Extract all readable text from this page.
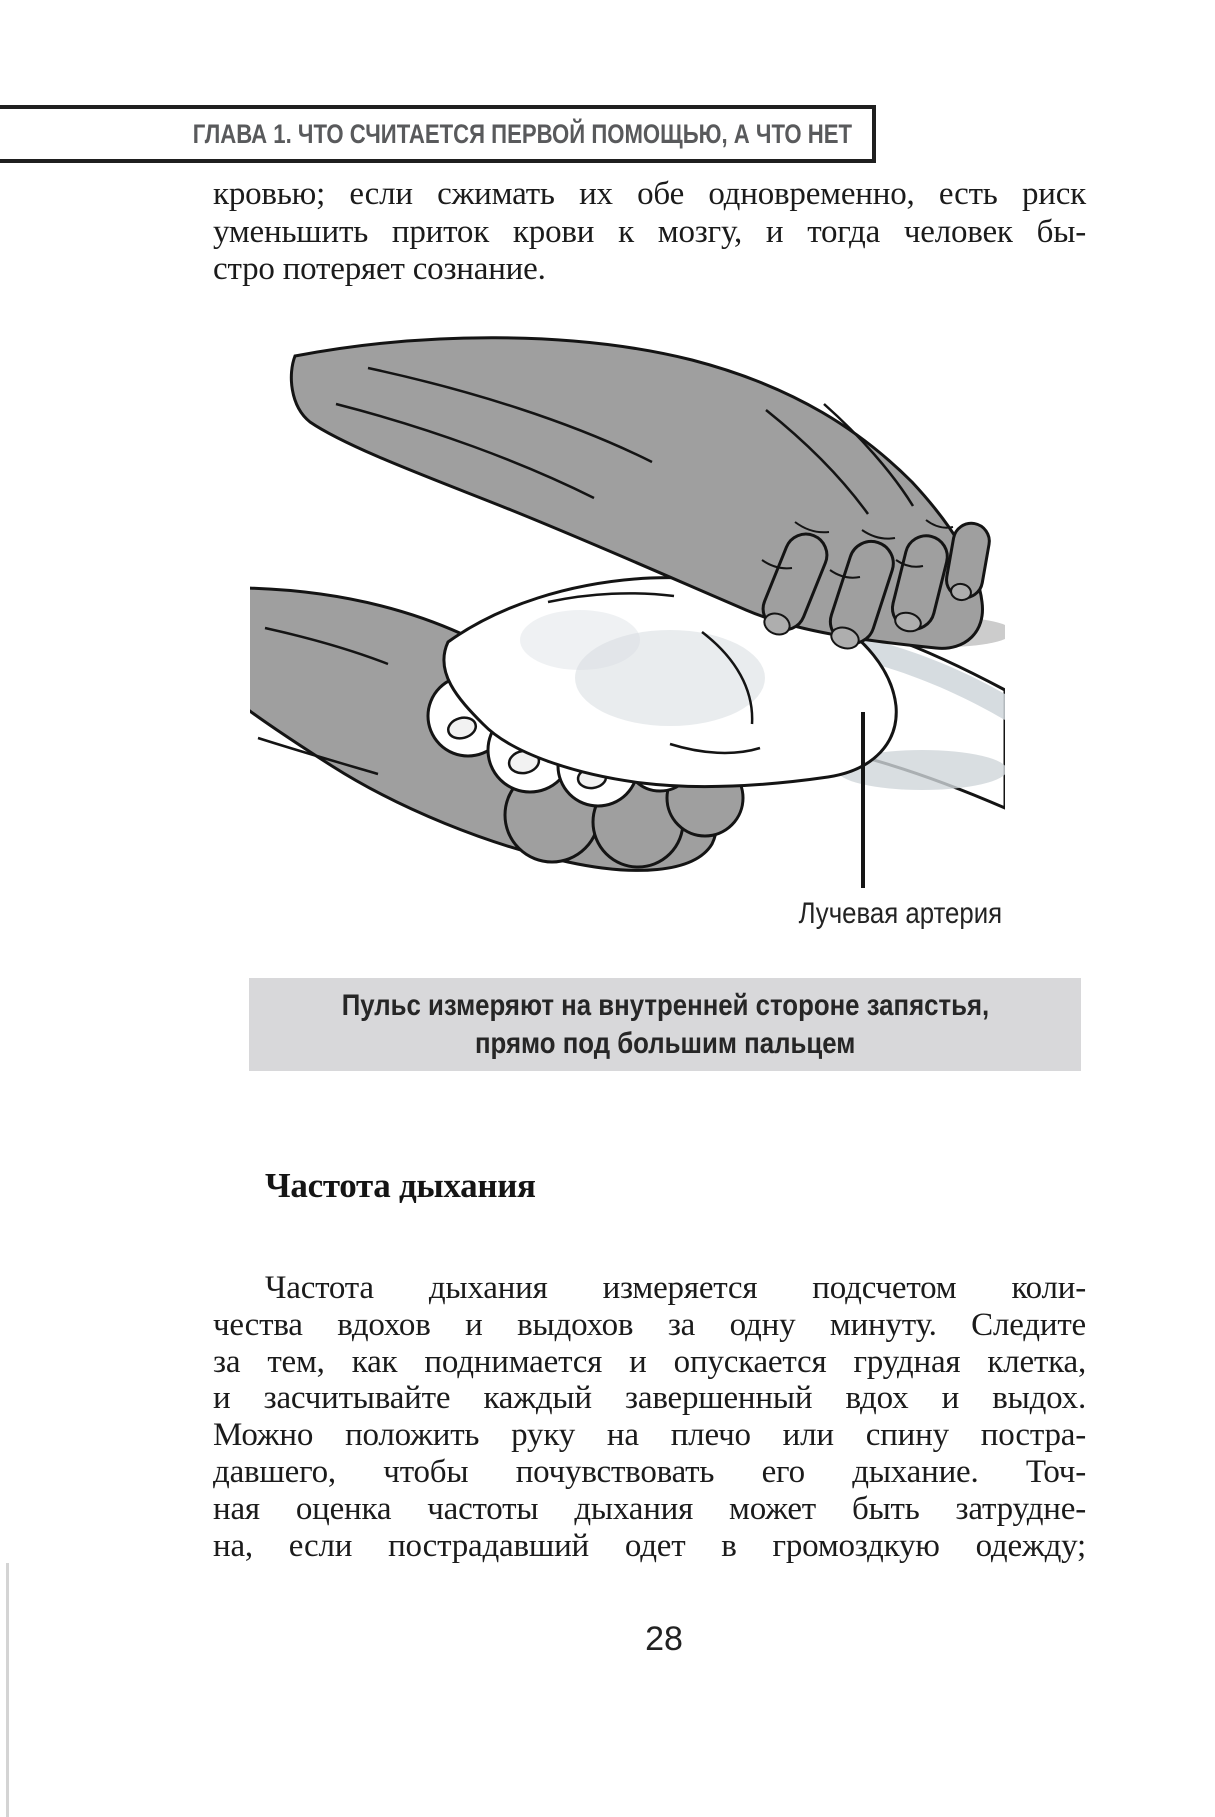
ГЛАВА 1. ЧТО СЧИТАЕТСЯ ПЕРВОЙ ПОМОЩЬЮ, А ЧТО НЕТ
кровью; если сжимать их обе одновременно, есть риск
уменьшить приток крови к мозгу, и тогда человек бы-
стро потеряет сознание.
Лучевая артерия
Пульс измеряют на внутренней стороне запястья,
прямо под большим пальцем
Частота дыхания
Частота дыхания измеряется подсчетом коли-
чества вдохов и выдохов за одну минуту. Следите
за тем, как поднимается и опускается грудная клетка,
и засчитывайте каждый завершенный вдох и выдох.
Можно положить руку на плечо или спину постра-
давшего, чтобы почувствовать его дыхание. Точ-
ная оценка частоты дыхания может быть затрудне-
на, если пострадавший одет в громоздкую одежду;
28
